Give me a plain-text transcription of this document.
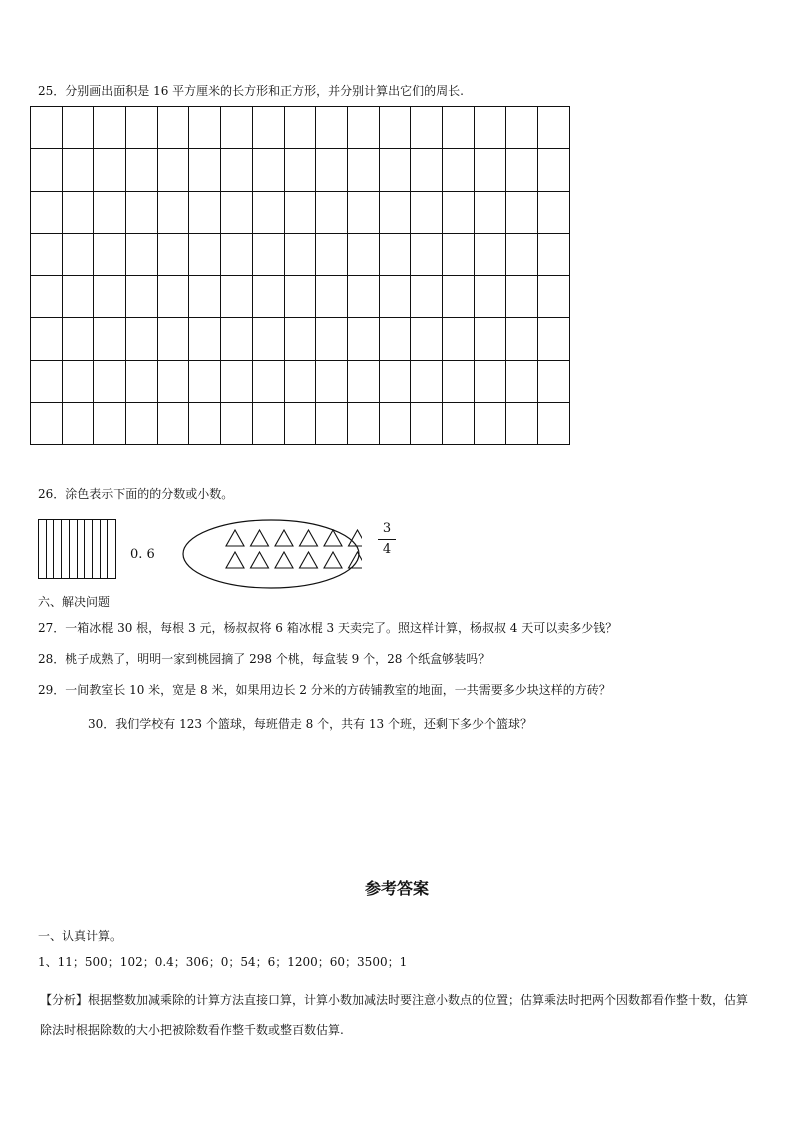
25．分别画出面积是 16 平方厘米的长方形和正方形，并分别计算出它们的周长.

26．涂色表示下面的的分数或小数。
0. 6
3
4
六、解决问题
27．一箱冰棍 30 根，每根 3 元，杨叔叔将 6 箱冰棍 3 天卖完了。照这样计算，杨叔叔 4 天可以卖多少钱？
28．桃子成熟了，明明一家到桃园摘了 298 个桃，每盒装 9 个，28 个纸盒够装吗？
29．一间教室长 10 米，宽是 8 米，如果用边长 2 分米的方砖铺教室的地面，一共需要多少块这样的方砖？
30．我们学校有 123 个篮球，每班借走 8 个，共有 13 个班，还剩下多少个篮球？
参考答案
一、认真计算。
1、11；500；102；0.4；306；0；54；6；1200；60；3500；1
【分析】根据整数加减乘除的计算方法直接口算，计算小数加减法时要注意小数点的位置；估算乘法时把两个因数都看作整十数，估算除法时根据除数的大小把被除数看作整千数或整百数估算.
